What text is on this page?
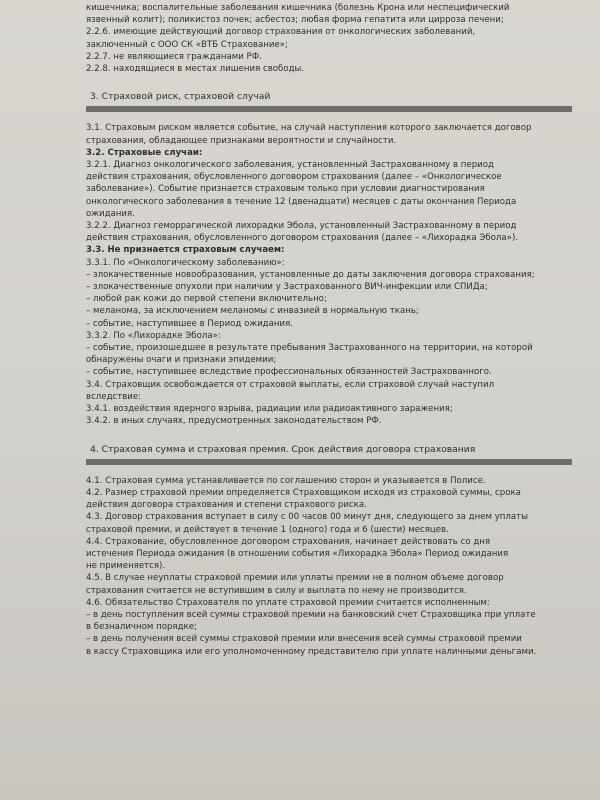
кишечника; воспалительные заболевания кишечника (болезнь Крона или неспецифический
язвенный колит); поликистоз почек; асбестоз; любая форма гепатита или цирроза печени;
2.2.6. имеющие действующий договор страхования от онкологических заболеваний,
заключенный с ООО СК «ВТБ Страхование»;
2.2.7. не являющиеся гражданами РФ.
2.2.8. находящиеся в местах лишения свободы.
3. Страховой риск, страховой случай
3.1. Страховым риском является событие, на случай наступления которого заключается договор
страхования, обладающее признаками вероятности и случайности.
3.2. Страховые случаи:
3.2.1. Диагноз онкологического заболевания, установленный Застрахованному в период
действия страхования, обусловленного договором страхования (далее – «Онкологическое
заболевание»). Событие признается страховым только при условии диагностирования
онкологического заболевания в течение 12 (двенадцати) месяцев с даты окончания Периода
ожидания.
3.2.2. Диагноз геморрагической лихорадки Эбола, установленный Застрахованному в период
действия страхования, обусловленного договором страхования (далее – «Лихорадка Эбола»).
3.3. Не признается страховым случаем:
3.3.1. По «Онкологическому заболеванию»:
– злокачественные новообразования, установленные до даты заключения договора страхования;
– злокачественные опухоли при наличии у Застрахованного ВИЧ-инфекции или СПИДа;
– любой рак кожи до первой степени включительно;
– меланома, за исключением меланомы с инвазией в нормальную ткань;
– событие, наступившее в Период ожидания.
3.3.2. По «Лихорадке Эбола»:
– событие, произошедшее в результате пребывания Застрахованного на территории, на которой
обнаружены очаги и признаки эпидемии;
– событие, наступившее вследствие профессиональных обязанностей Застрахованного.
3.4. Страховщик освобождается от страховой выплаты, если страховой случай наступил
вследствие:
3.4.1. воздействия ядерного взрыва, радиации или радиоактивного заражения;
3.4.2. в иных случаях, предусмотренных законодательством РФ.
4. Страховая сумма и страховая премия. Срок действия договора страхования
4.1. Страховая сумма устанавливается по соглашению сторон и указывается в Полисе.
4.2. Размер страховой премии определяется Страховщиком исходя из страховой суммы, срока
действия договора страхования и степени страхового риска.
4.3. Договор страхования вступает в силу с 00 часов 00 минут дня, следующего за днем уплаты
страховой премии, и действует в течение 1 (одного) года и 6 (шести) месяцев.
4.4. Страхование, обусловленное договором страхования, начинает действовать со дня
истечения Периода ожидания (в отношении события «Лихорадка Эбола» Период ожидания
не применяется).
4.5. В случае неуплаты страховой премии или уплаты премии не в полном объеме договор
страхования считается не вступившим в силу и выплата по нему не производится.
4.6. Обязательство Страхователя по уплате страховой премии считается исполненным:
– в день поступления всей суммы страховой премии на банковский счет Страховщика при уплате
в безналичном порядке;
– в день получения всей суммы страховой премии или внесения всей суммы страховой премии
в кассу Страховщика или его уполномоченному представителю при уплате наличными деньгами.
